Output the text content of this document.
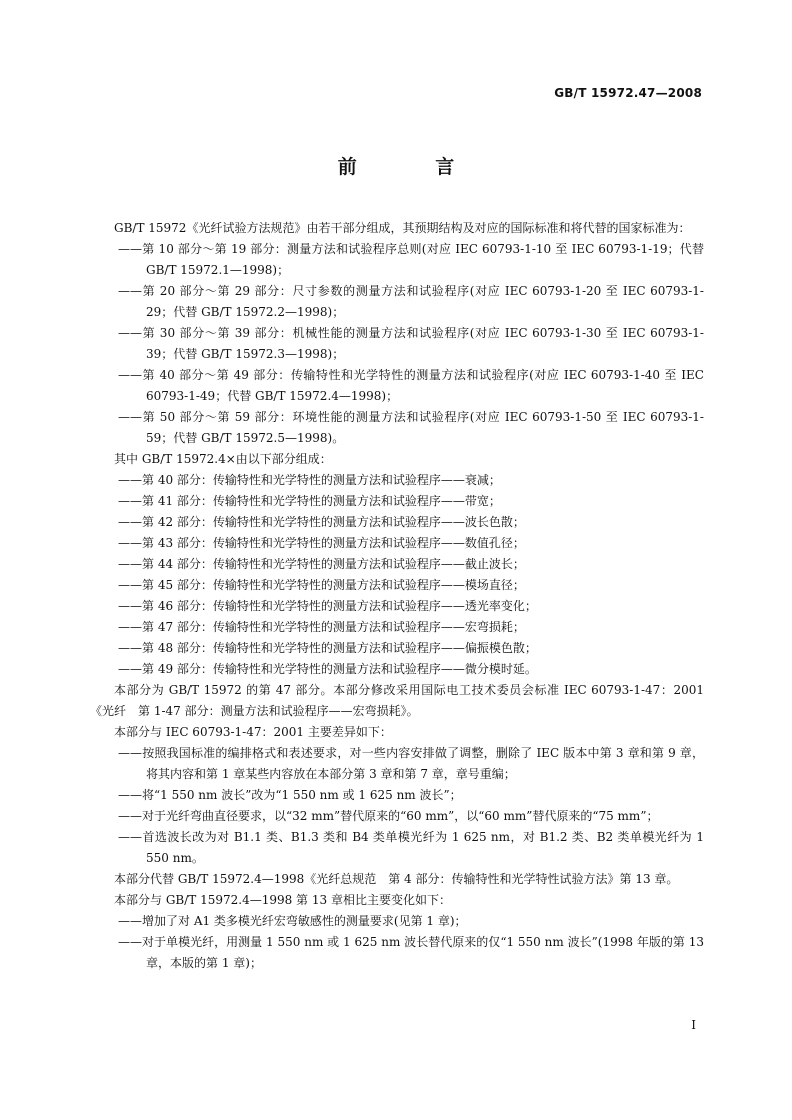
GB/T 15972.47—2008
前 言

GB/T 15972《光纤试验方法规范》由若干部分组成，其预期结构及对应的国际标准和将代替的国家标准为：

——第 10 部分～第 19 部分：测量方法和试验程序总则(对应 IEC 60793-1-10 至 IEC 60793-1-19；代替 GB/T 15972.1—1998)；

——第 20 部分～第 29 部分：尺寸参数的测量方法和试验程序(对应 IEC 60793-1-20 至 IEC 60793-1-29；代替 GB/T 15972.2—1998)；

——第 30 部分～第 39 部分：机械性能的测量方法和试验程序(对应 IEC 60793-1-30 至 IEC 60793-1-39；代替 GB/T 15972.3—1998)；

——第 40 部分～第 49 部分：传输特性和光学特性的测量方法和试验程序(对应 IEC 60793-1-40 至 IEC 60793-1-49；代替 GB/T 15972.4—1998)；

——第 50 部分～第 59 部分：环境性能的测量方法和试验程序(对应 IEC 60793-1-50 至 IEC 60793-1-59；代替 GB/T 15972.5—1998)。

其中 GB/T 15972.4×由以下部分组成：

——第 40 部分：传输特性和光学特性的测量方法和试验程序——衰减；

——第 41 部分：传输特性和光学特性的测量方法和试验程序——带宽；

——第 42 部分：传输特性和光学特性的测量方法和试验程序——波长色散；

——第 43 部分：传输特性和光学特性的测量方法和试验程序——数值孔径；

——第 44 部分：传输特性和光学特性的测量方法和试验程序——截止波长；

——第 45 部分：传输特性和光学特性的测量方法和试验程序——模场直径；

——第 46 部分：传输特性和光学特性的测量方法和试验程序——透光率变化；

——第 47 部分：传输特性和光学特性的测量方法和试验程序——宏弯损耗；

——第 48 部分：传输特性和光学特性的测量方法和试验程序——偏振模色散；

——第 49 部分：传输特性和光学特性的测量方法和试验程序——微分模时延。

本部分为 GB/T 15972 的第 47 部分。本部分修改采用国际电工技术委员会标准 IEC 60793-1-47：2001《光纤　第 1-47 部分：测量方法和试验程序——宏弯损耗》。

本部分与 IEC 60793-1-47：2001 主要差异如下：

——按照我国标准的编排格式和表述要求，对一些内容安排做了调整，删除了 IEC 版本中第 3 章和第 9 章，将其内容和第 1 章某些内容放在本部分第 3 章和第 7 章，章号重编；

——将“1 550 nm 波长”改为“1 550 nm 或 1 625 nm 波长”；

——对于光纤弯曲直径要求，以“32 mm”替代原来的“60 mm”，以“60 mm”替代原来的“75 mm”；

——首选波长改为对 B1.1 类、B1.3 类和 B4 类单模光纤为 1 625 nm，对 B1.2 类、B2 类单模光纤为 1 550 nm。

本部分代替 GB/T 15972.4—1998《光纤总规范　第 4 部分：传输特性和光学特性试验方法》第 13 章。

本部分与 GB/T 15972.4—1998 第 13 章相比主要变化如下：

——增加了对 A1 类多模光纤宏弯敏感性的测量要求(见第 1 章)；

——对于单模光纤，用测量 1 550 nm 或 1 625 nm 波长替代原来的仅“1 550 nm 波长”(1998 年版的第 13 章，本版的第 1 章)；

I
